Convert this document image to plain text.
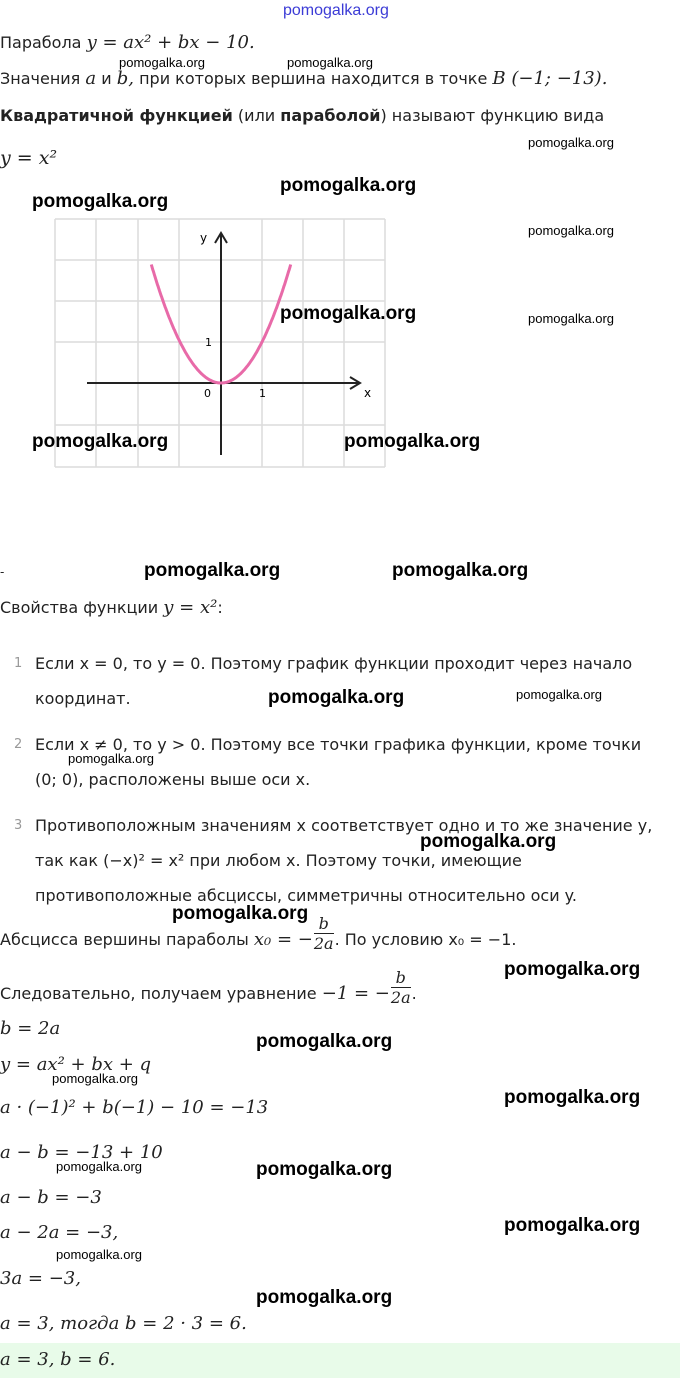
pomogalka.org
Парабола y = ax² + bx − 10.
Значения a и b, при которых вершина находится в точке B (−1; −13).
Квадратичной функцией (или параболой) называют функцию вида
y = x²
y
x
0	1
1
-
Свойства функции y = x²:
1 Если x = 0, то y = 0. Поэтому график функции проходит через начало
координат.
2 Если x ≠ 0, то y > 0. Поэтому все точки графика функции, кроме точки
(0; 0), расположены выше оси x.
3 Противоположным значениям x соответствует одно и то же значение y,
так как (−x)² = x² при любом x. Поэтому точки, имеющие
противоположные абсциссы, симметричны относительно оси y.
Абсцисса вершины параболы x₀ = − $\frac{b}{2a}$ . По условию x₀ = −1.
Следовательно, получаем уравнение −1 = − $\frac{b}{2a}$ .
b = 2a
y = ax² + bx + q
a · (−1)² + b(−1) − 10 = −13
a − b = −13 + 10
a − b = −3
a − 2a = −3,
3a = −3,
a = 3, тогда b = 2 · 3 = 6.
a = 3, b = 6.
pomogalka.org
pomogalka.org
pomogalka.org
pomogalka.org	pomogalka.org
pomogalka.org	pomogalka.org
pomogalka.org
pomogalka.org
pomogalka.org
pomogalka.org
pomogalka.org
pomogalka.org
pomogalka.org
pomogalka.org
pomogalka.org
pomogalka.org	pomogalka.org
pomogalka.org
pomogalka.org
pomogalka.org
pomogalka.org
pomogalka.org
pomogalka.org
pomogalka.org
pomogalka.org
